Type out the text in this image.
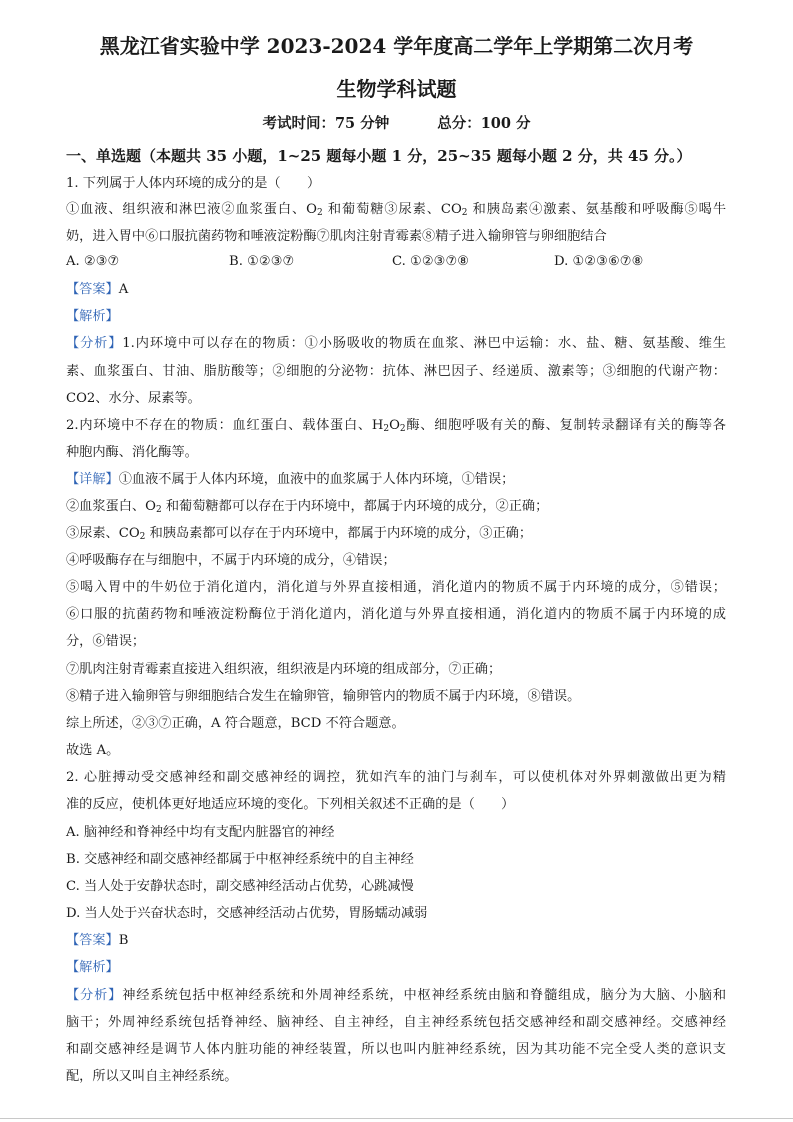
黑龙江省实验中学 2023-2024 学年度高二学年上学期第二次月考
生物学科试题
考试时间：75 分钟	总分：100 分
一、单选题（本题共 35 小题，1~25 题每小题 1 分，25~35 题每小题 2 分，共 45 分。）
1. 下列属于人体内环境的成分的是（　　）
①血液、组织液和淋巴液②血浆蛋白、$O_2$ 和葡萄糖③尿素、$CO_2$ 和胰岛素④激素、氨基酸和呼吸酶⑤喝牛
奶，进入胃中⑥口服抗菌药物和唾液淀粉酶⑦肌肉注射青霉素⑧精子进入输卵管与卵细胞结合
A. ②③⑦	B. ①②③⑦	C. ①②③⑦⑧	D. ①②③⑥⑦⑧
【答案】A
【解析】
【分析】1.内环境中可以存在的物质：①小肠吸收的物质在血浆、淋巴中运输：水、盐、糖、氨基酸、维生
素、血浆蛋白、甘油、脂肪酸等；②细胞的分泌物：抗体、淋巴因子、经递质、激素等；③细胞的代谢产物：
CO2、水分、尿素等。
2.内环境中不存在的物质：血红蛋白、载体蛋白、$H_2O_2$酶、细胞呼吸有关的酶、复制转录翻译有关的酶等各
种胞内酶、消化酶等。
【详解】①血液不属于人体内环境，血液中的血浆属于人体内环境，①错误；
②血浆蛋白、$O_2$ 和葡萄糖都可以存在于内环境中，都属于内环境的成分，②正确；
③尿素、$CO_2$ 和胰岛素都可以存在于内环境中，都属于内环境的成分，③正确；
④呼吸酶存在与细胞中，不属于内环境的成分，④错误；
⑤喝入胃中的牛奶位于消化道内，消化道与外界直接相通，消化道内的物质不属于内环境的成分，⑤错误；
⑥口服的抗菌药物和唾液淀粉酶位于消化道内，消化道与外界直接相通，消化道内的物质不属于内环境的成
分，⑥错误；
⑦肌肉注射青霉素直接进入组织液，组织液是内环境的组成部分，⑦正确；
⑧精子进入输卵管与卵细胞结合发生在输卵管，输卵管内的物质不属于内环境，⑧错误。
综上所述，②③⑦正确，A 符合题意，BCD 不符合题意。
故选 A。
2. 心脏搏动受交感神经和副交感神经的调控，犹如汽车的油门与刹车，可以使机体对外界刺激做出更为精
准的反应，使机体更好地适应环境的变化。下列相关叙述不正确的是（　　）
A. 脑神经和脊神经中均有支配内脏器官的神经
B. 交感神经和副交感神经都属于中枢神经系统中的自主神经
C. 当人处于安静状态时，副交感神经活动占优势，心跳减慢
D. 当人处于兴奋状态时，交感神经活动占优势，胃肠蠕动减弱
【答案】B
【解析】
【分析】神经系统包括中枢神经系统和外周神经系统，中枢神经系统由脑和脊髓组成，脑分为大脑、小脑和
脑干；外周神经系统包括脊神经、脑神经、自主神经，自主神经系统包括交感神经和副交感神经。交感神经
和副交感神经是调节人体内脏功能的神经装置，所以也叫内脏神经系统，因为其功能不完全受人类的意识支
配，所以又叫自主神经系统。
